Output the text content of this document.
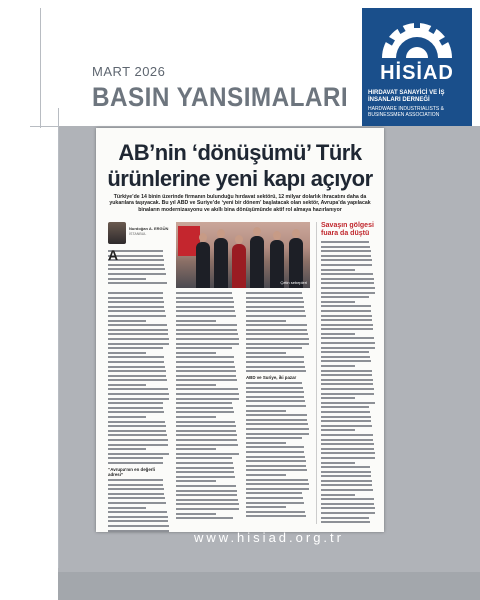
MART 2026
BASIN YANSIMALARI
HİSİAD
HIRDAVAT SANAYİCİ VE İŞ İNSANLARI DERNEĞİ
HARDWARE INDUSTRIALISTS & BUSINESSMEN ASSOCIATION
AB’nin ‘dönüşümü’ Türk
ürünlerine yeni kapı açıyor
Türkiye’de 14 binin üzerinde firmanın bulunduğu hırdavat sektörü, 12 milyar dolarlık ihracatını daha da yukarılara taşıyacak. Bu yıl ABD ve Suriye’de ‘yeni bir dönem’ başlatacak olan sektör, Avrupa’da yapılacak binaların modernizasyonu ve akıllı bina dönüşümünde aktif rol almaya hazırlanıyor
Nurdoğan A. ERGÜN
İSTANBUL
Çetin sebepleri
A
“Avrupa’nın en değerli adresi”
ABD ve Suriye, iki pazar
Savaşın gölgesi fuara da düştü
www.hisiad.org.tr
